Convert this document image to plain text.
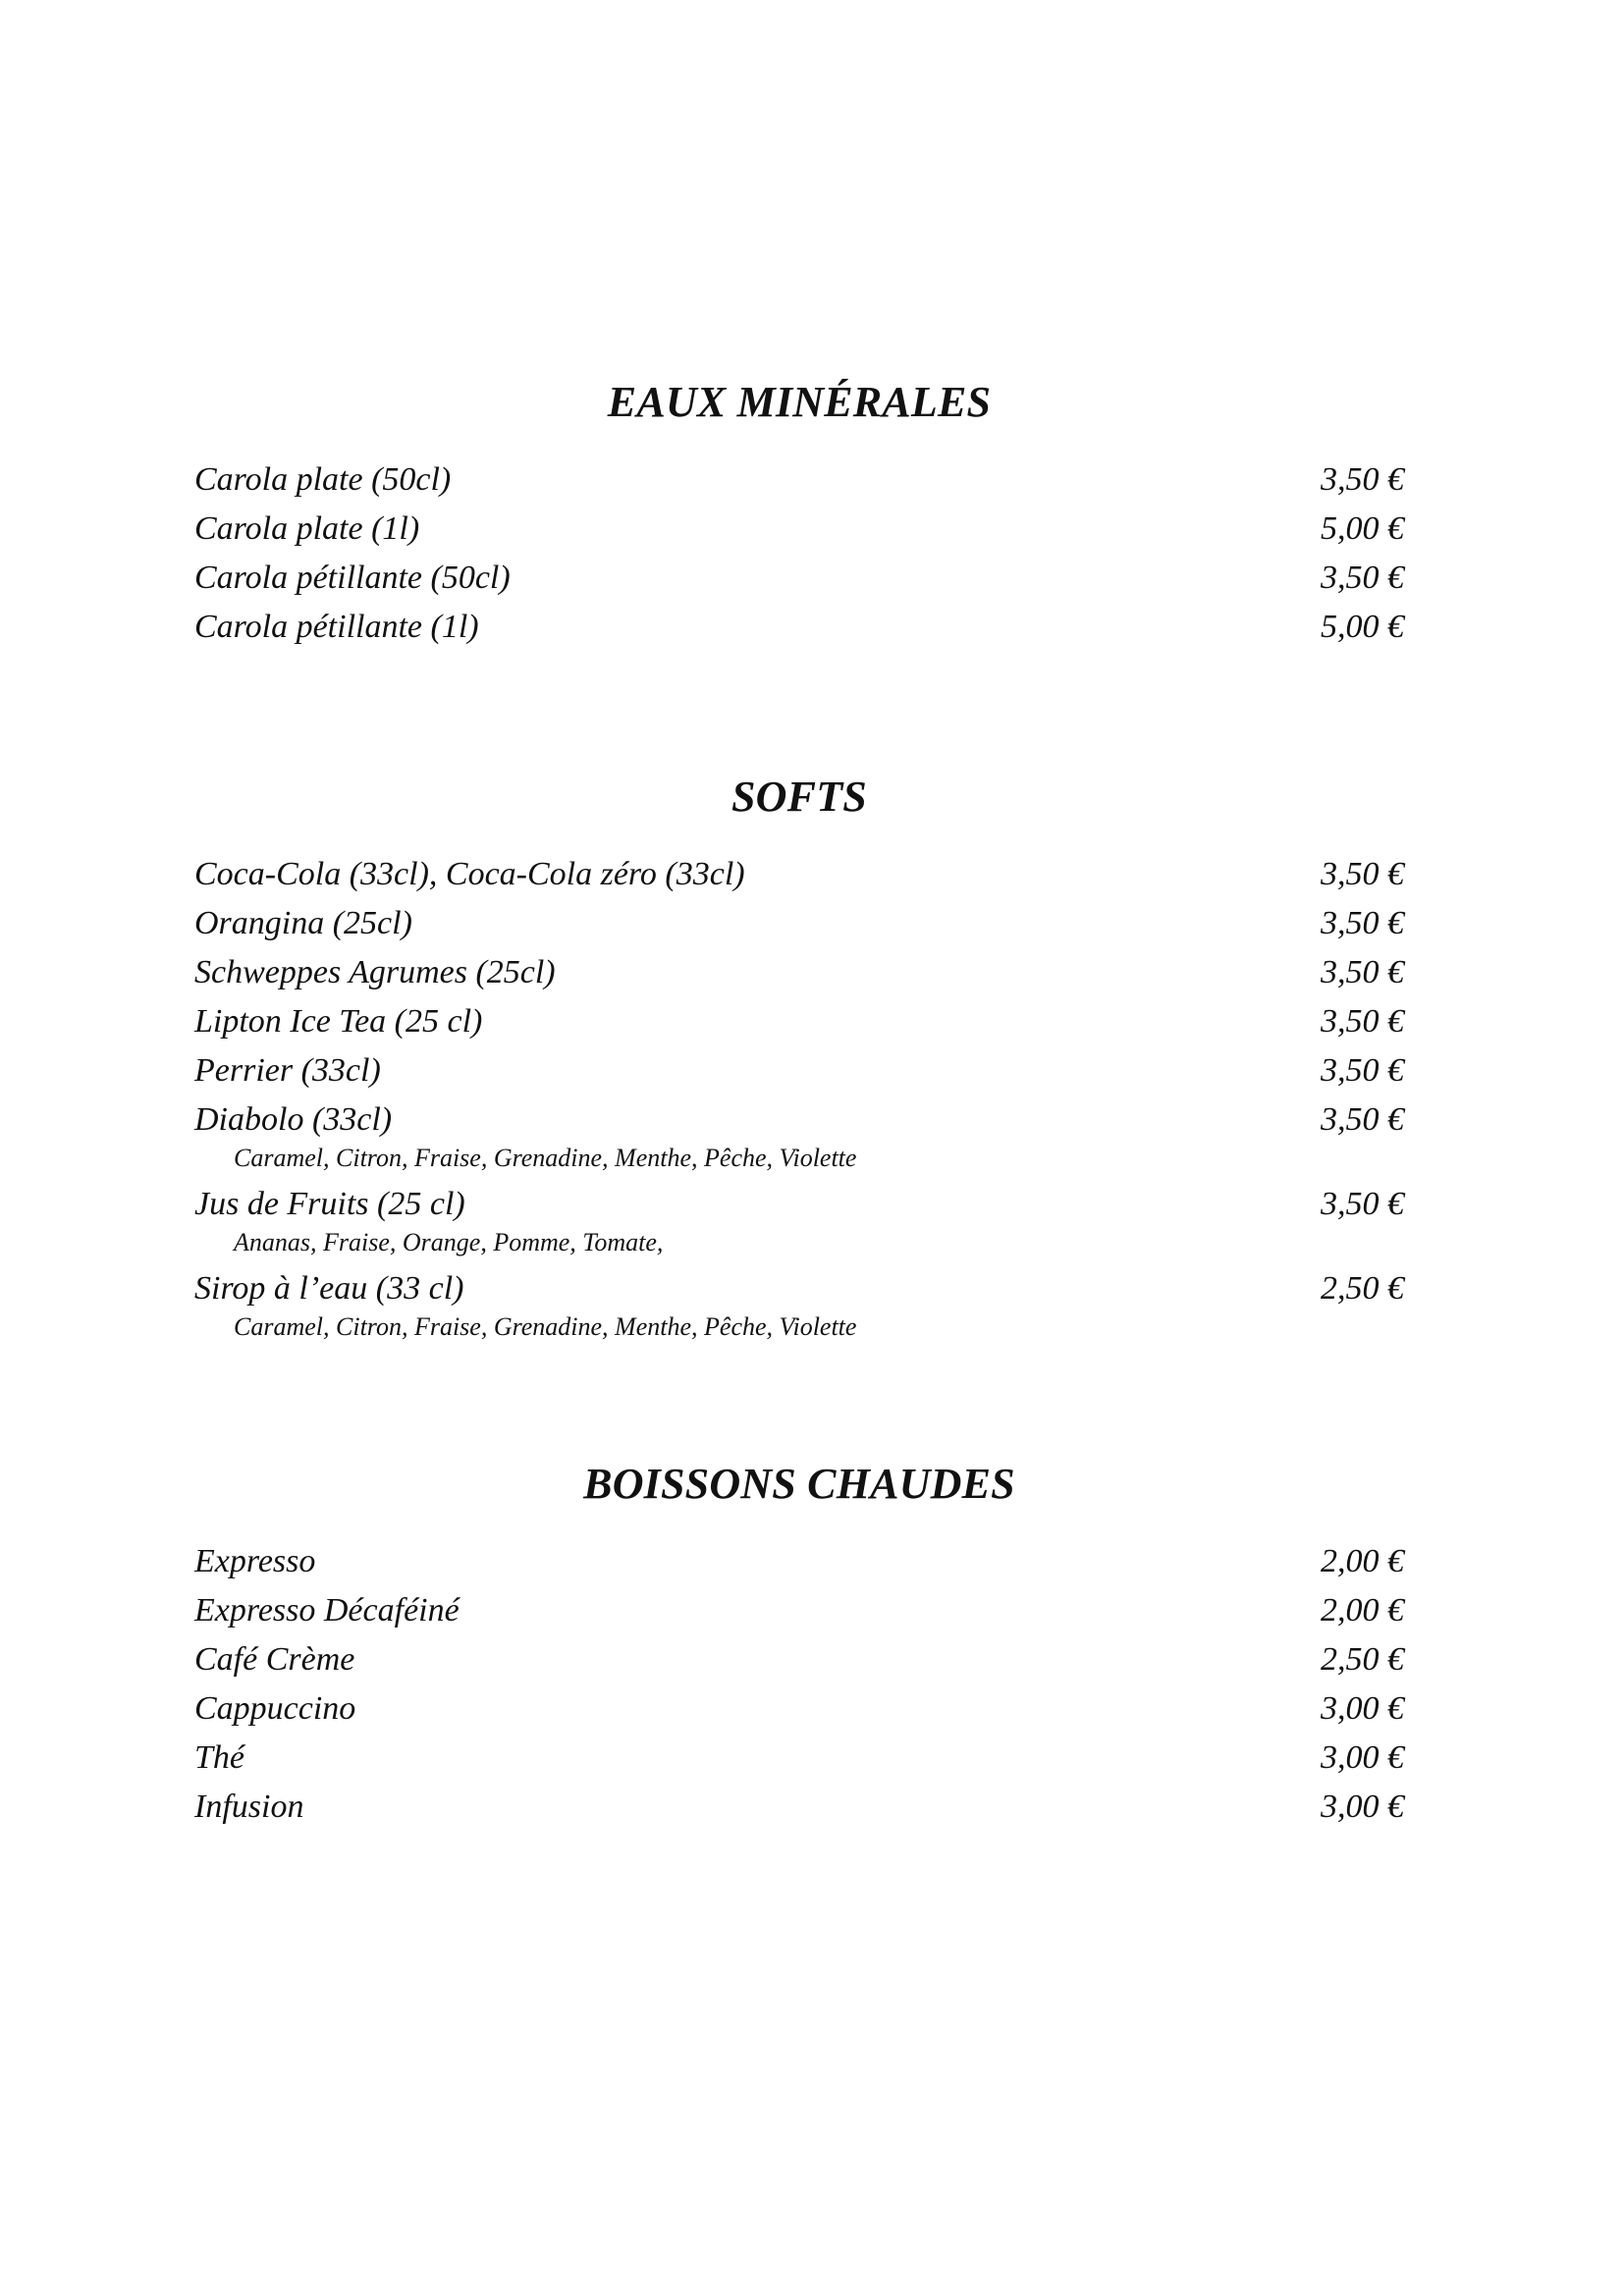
EAUX MINÉRALES
Carola plate (50cl)	3,50 €
Carola plate (1l)	5,00 €
Carola pétillante (50cl)	3,50 €
Carola pétillante (1l)	5,00 €
SOFTS
Coca-Cola (33cl), Coca-Cola zéro (33cl)	3,50 €
Orangina (25cl)	3,50 €
Schweppes Agrumes (25cl)	3,50 €
Lipton Ice Tea (25 cl)	3,50 €
Perrier (33cl)	3,50 €
Diabolo (33cl)	3,50 €
Caramel, Citron, Fraise, Grenadine, Menthe, Pêche, Violette
Jus de Fruits (25 cl)	3,50 €
Ananas, Fraise, Orange, Pomme, Tomate,
Sirop à l’eau (33 cl)	2,50 €
Caramel, Citron, Fraise, Grenadine, Menthe, Pêche, Violette
BOISSONS CHAUDES
Expresso	2,00 €
Expresso Décaféiné	2,00 €
Café Crème	2,50 €
Cappuccino	3,00 €
Thé	3,00 €
Infusion	3,00 €
